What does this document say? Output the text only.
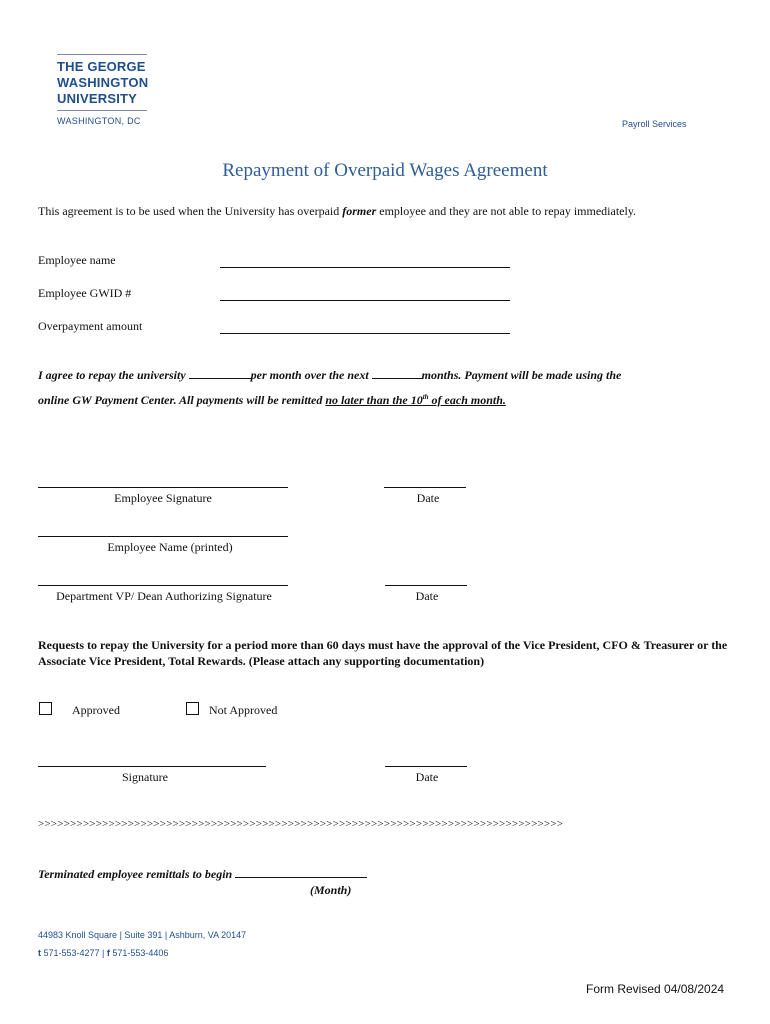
THE GEORGE
WASHINGTON
UNIVERSITY
WASHINGTON, DC	Payroll Services
Repayment of Overpaid Wages Agreement
This agreement is to be used when the University has overpaid former employee and they are not able to repay immediately.
Employee name
Employee GWID #
Overpayment amount
I agree to repay the university	per month over the next	months. Payment will be made using the
online GW Payment Center. All payments will be remitted no later than the 10th of each month.
Employee Signature	Date
Employee Name (printed)
Department VP/ Dean Authorizing Signature	Date
Requests to repay the University for a period more than 60 days must have the approval of the Vice President, CFO & Treasurer or the Associate Vice President, Total Rewards. (Please attach any supporting documentation)
Approved	Not Approved
Signature	Date
>>>>>>>>>>>>>>>>>>>>>>>>>>>>>>>>>>>>>>>>>>>>>>>>>>>>>>>>>>>>>>>>>>>>>>>>>>>>>>>>>>
Terminated employee remittals to begin
(Month)
44983 Knoll Square | Suite 391 | Ashburn, VA 20147
t 571-553-4277 | f 571-553-4406
Form Revised 04/08/2024
